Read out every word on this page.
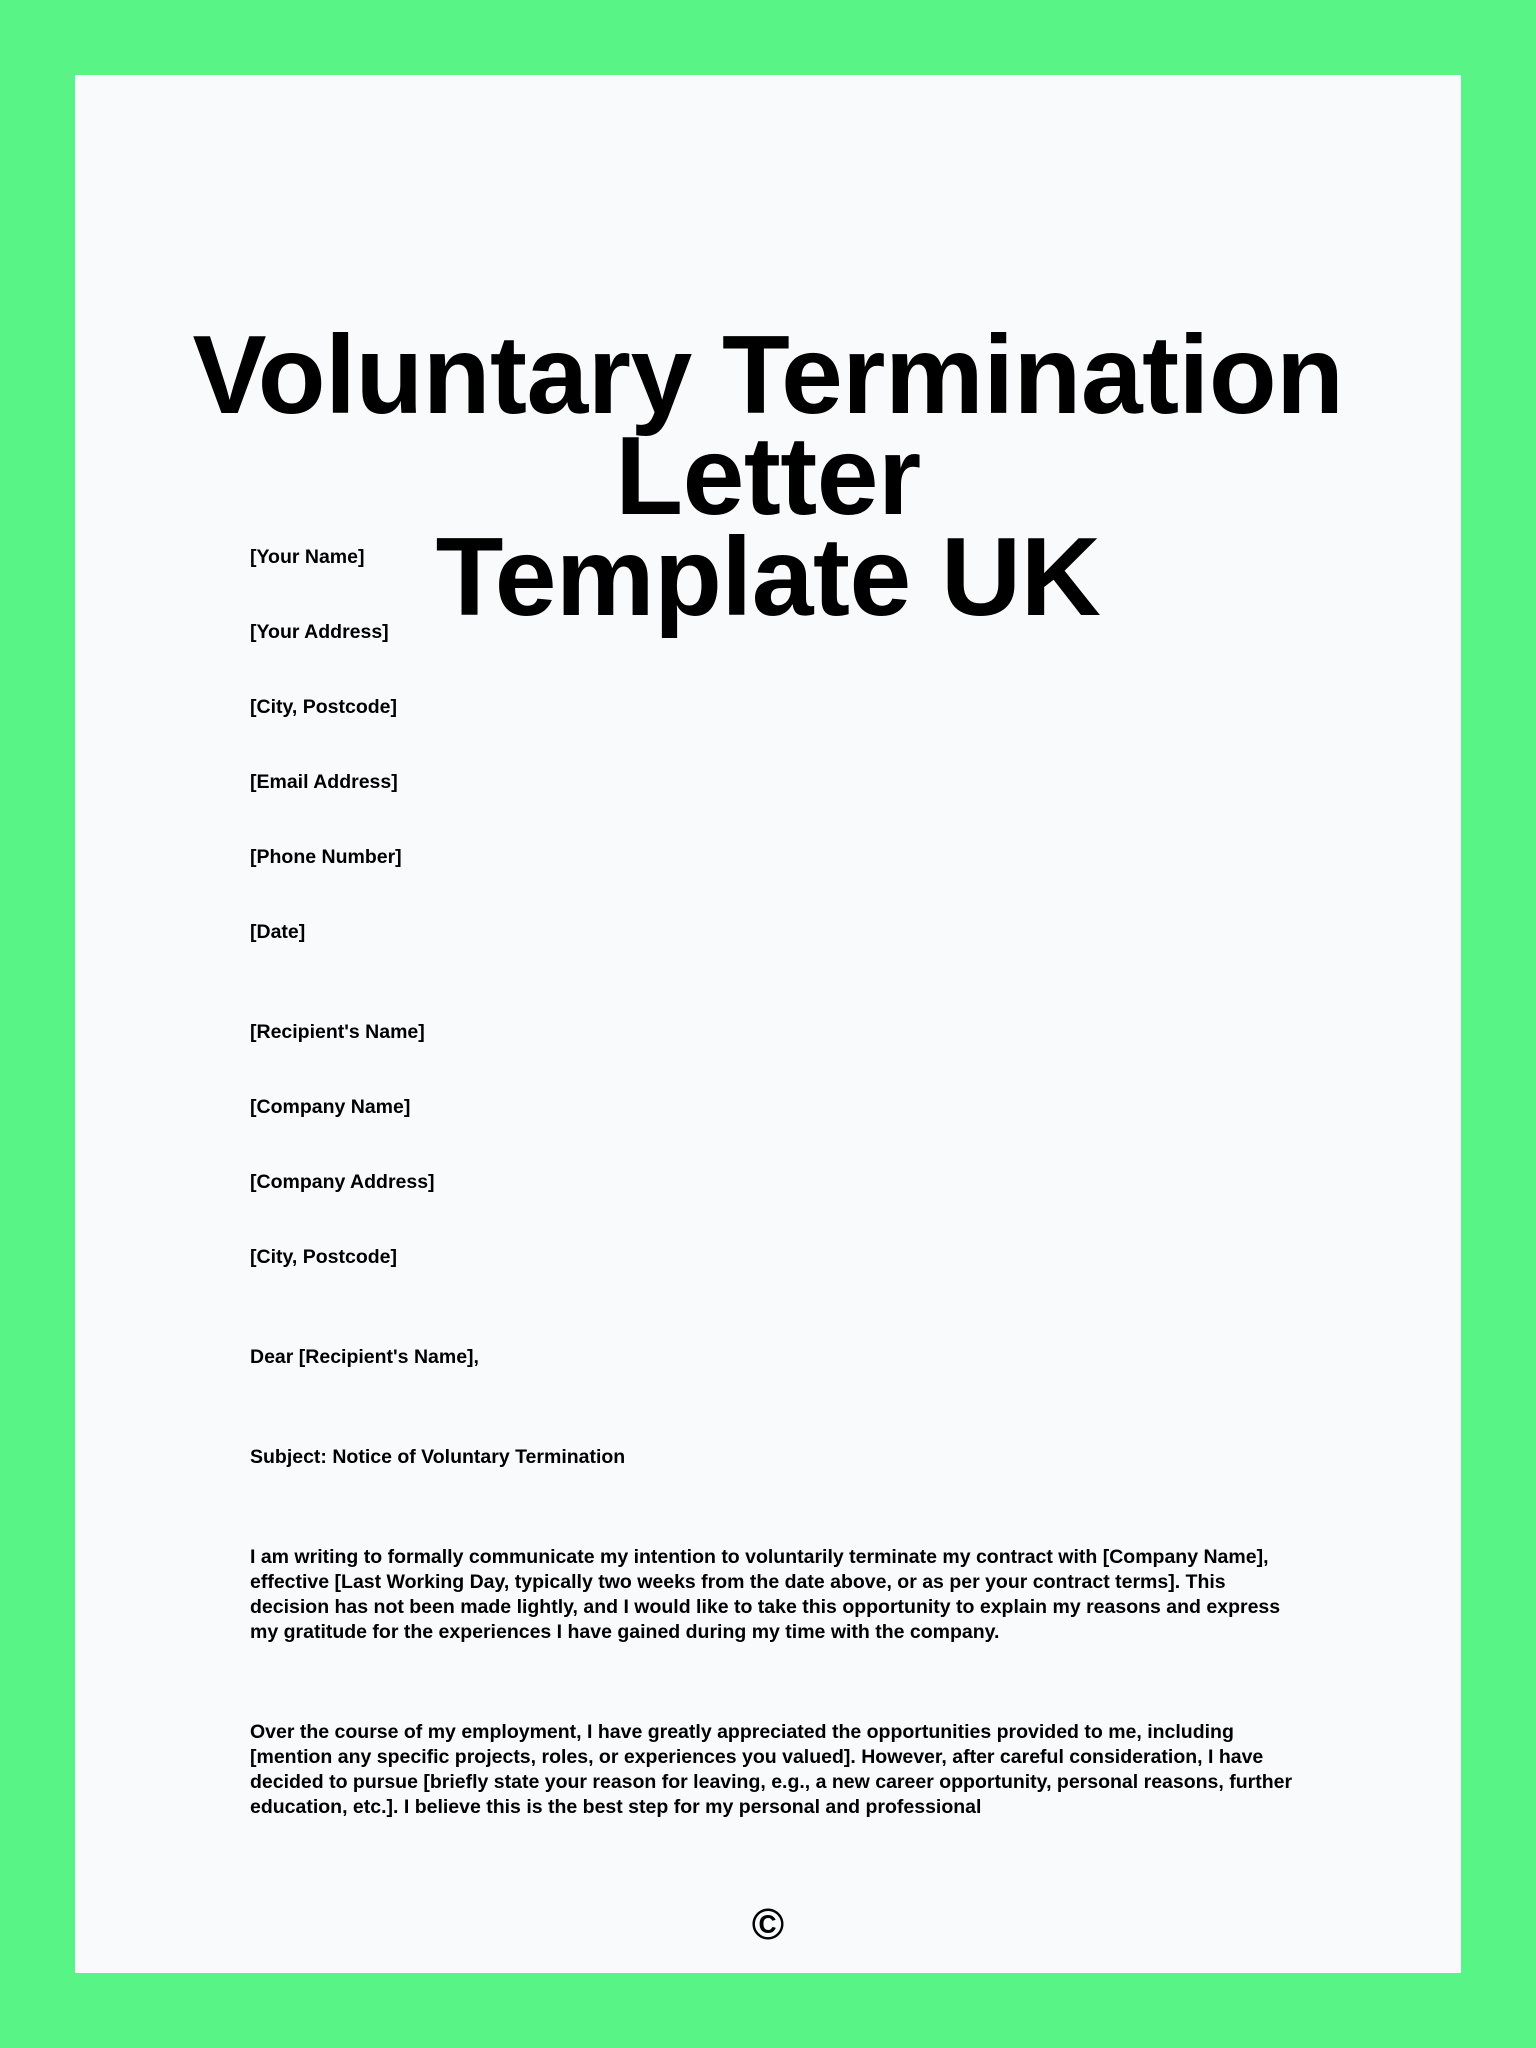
Voluntary Termination Letter
Template UK
[Your Name]
[Your Address]
[City, Postcode]
[Email Address]
[Phone Number]
[Date]
[Recipient's Name]
[Company Name]
[Company Address]
[City, Postcode]
Dear [Recipient's Name],
Subject: Notice of Voluntary Termination
I am writing to formally communicate my intention to voluntarily terminate my contract with [Company Name], effective [Last Working Day, typically two weeks from the date above, or as per your contract terms]. This decision has not been made lightly, and I would like to take this opportunity to explain my reasons and express my gratitude for the experiences I have gained during my time with the company.
Over the course of my employment, I have greatly appreciated the opportunities provided to me, including [mention any specific projects, roles, or experiences you valued]. However, after careful consideration, I have decided to pursue [briefly state your reason for leaving, e.g., a new career opportunity, personal reasons, further education, etc.]. I believe this is the best step for my personal and professional
©
